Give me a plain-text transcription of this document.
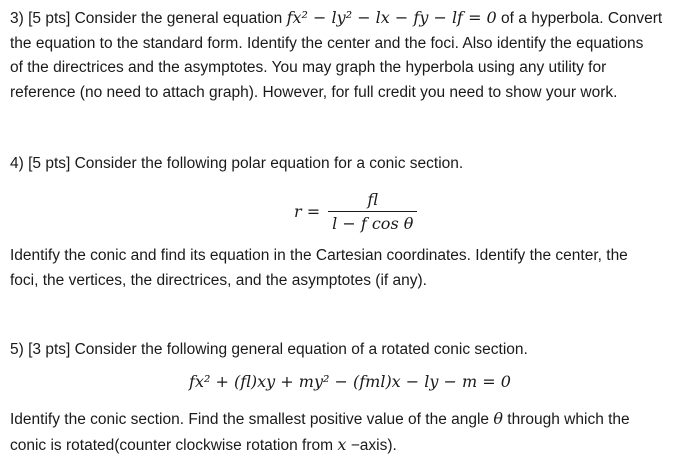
3) [5 pts] Consider the general equation fx² − ly² − lx − fy − lf = 0 of a hyperbola. Convert

the equation to the standard form. Identify the center and the foci. Also identify the equations

of the directrices and the asymptotes. You may graph the hyperbola using any utility for

reference (no need to attach graph). However, for full credit you need to show your work.

4) [5 pts] Consider the following polar equation for a conic section.

$r = \frac{fl}{\text{l − f cos θ}}$

Identify the conic and find its equation in the Cartesian coordinates. Identify the center, the

foci, the vertices, the directrices, and the asymptotes (if any).

5) [3 pts] Consider the following general equation of a rotated conic section.

fx² + (fl)xy + my² − (fml)x − ly − m = 0

Identify the conic section. Find the smallest positive value of the angle θ through which the

conic is rotated(counter clockwise rotation from x −axis).
